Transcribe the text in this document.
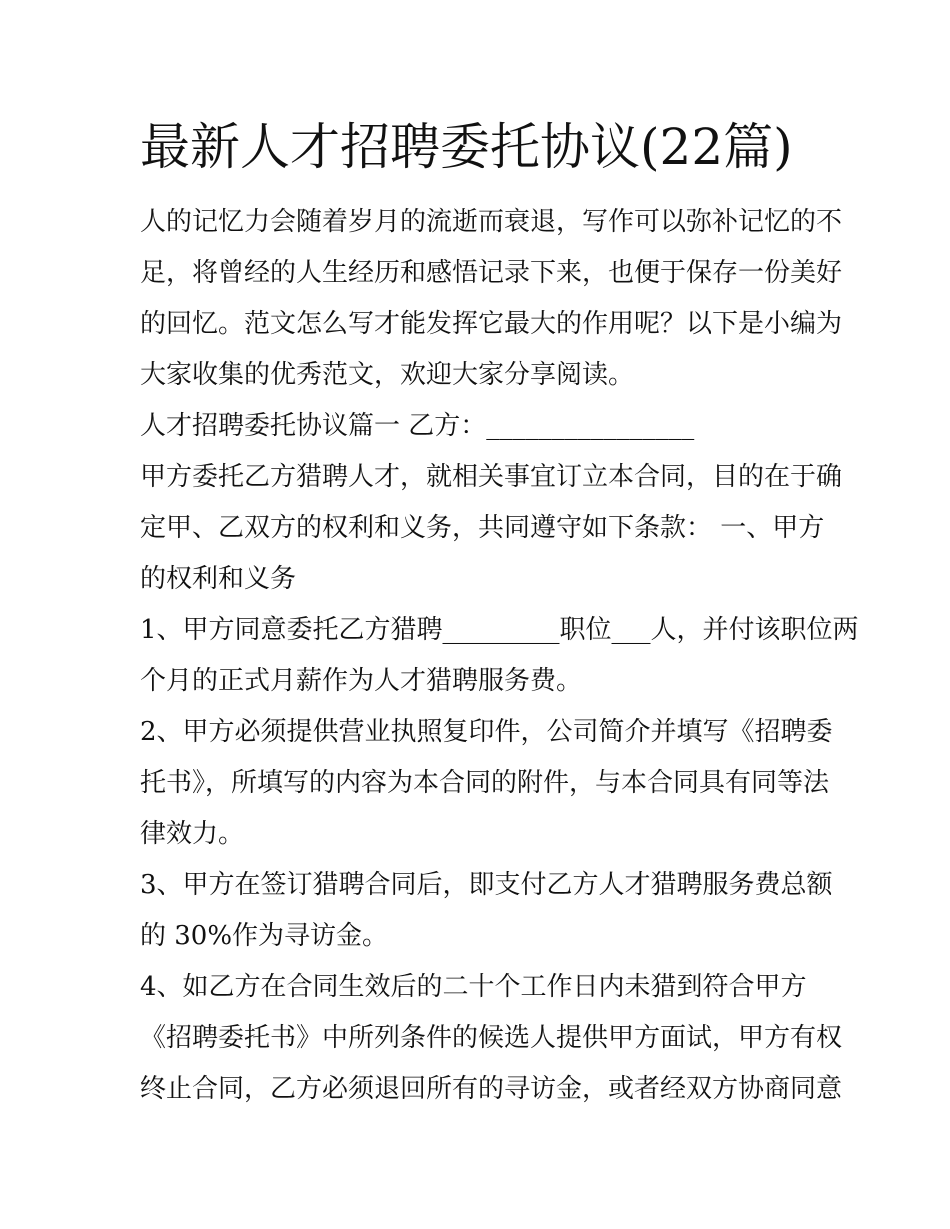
最新人才招聘委托协议(22篇)
人的记忆力会随着岁月的流逝而衰退，写作可以弥补记忆的不
足，将曾经的人生经历和感悟记录下来，也便于保存一份美好
的回忆。范文怎么写才能发挥它最大的作用呢？以下是小编为
大家收集的优秀范文，欢迎大家分享阅读。
人才招聘委托协议篇一 乙方：________________
甲方委托乙方猎聘人才，就相关事宜订立本合同，目的在于确
定甲、乙双方的权利和义务，共同遵守如下条款： 一、甲方
的权利和义务
1、甲方同意委托乙方猎聘_________职位___人，并付该职位两
个月的正式月薪作为人才猎聘服务费。
2、甲方必须提供营业执照复印件，公司简介并填写《招聘委
托书》，所填写的内容为本合同的附件，与本合同具有同等法
律效力。
3、甲方在签订猎聘合同后，即支付乙方人才猎聘服务费总额
的 30%作为寻访金。
4、如乙方在合同生效后的二十个工作日内未猎到符合甲方
《招聘委托书》中所列条件的候选人提供甲方面试，甲方有权
终止合同，乙方必须退回所有的寻访金，或者经双方协商同意
